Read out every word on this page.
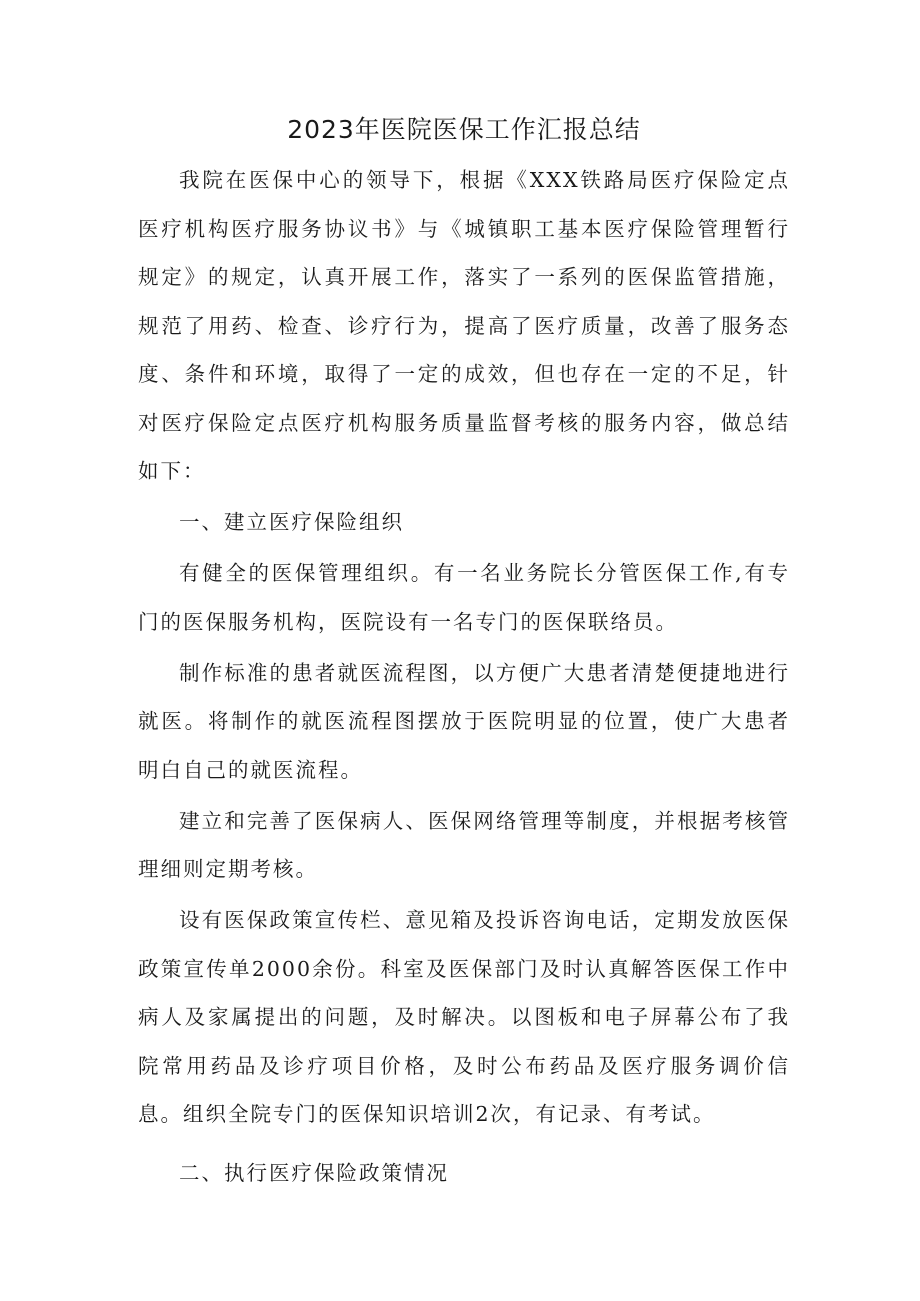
2023年医院医保工作汇报总结

我院在医保中心的领导下，根据《XXX铁路局医疗保险定点医疗机构医疗服务协议书》与《城镇职工基本医疗保险管理暂行规定》的规定，认真开展工作，落实了一系列的医保监管措施，规范了用药、检查、诊疗行为，提高了医疗质量，改善了服务态度、条件和环境，取得了一定的成效，但也存在一定的不足，针对医疗保险定点医疗机构服务质量监督考核的服务内容，做总结如下：

一、建立医疗保险组织

有健全的医保管理组织。有一名业务院长分管医保工作,有专门的医保服务机构，医院设有一名专门的医保联络员。

制作标准的患者就医流程图，以方便广大患者清楚便捷地进行就医。将制作的就医流程图摆放于医院明显的位置，使广大患者明白自己的就医流程。

建立和完善了医保病人、医保网络管理等制度，并根据考核管理细则定期考核。

设有医保政策宣传栏、意见箱及投诉咨询电话，定期发放医保政策宣传单2000余份。科室及医保部门及时认真解答医保工作中病人及家属提出的问题，及时解决。以图板和电子屏幕公布了我院常用药品及诊疗项目价格，及时公布药品及医疗服务调价信息。组织全院专门的医保知识培训2次，有记录、有考试。

二、执行医疗保险政策情况
